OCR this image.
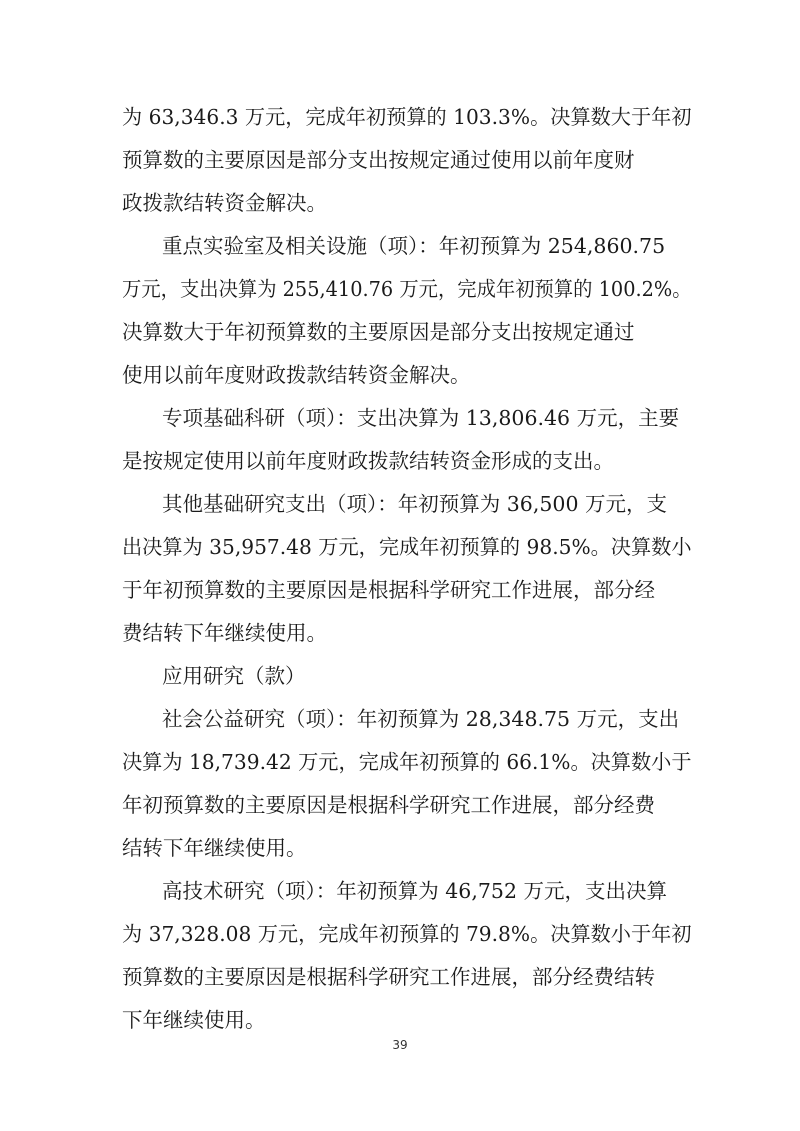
为 63,346.3 万元，完成年初预算的 103.3%。决算数大于年初
预算数的主要原因是部分支出按规定通过使用以前年度财
政拨款结转资金解决。
重点实验室及相关设施（项）：年初预算为 254,860.75
万元，支出决算为 255,410.76 万元，完成年初预算的 100.2%。
决算数大于年初预算数的主要原因是部分支出按规定通过
使用以前年度财政拨款结转资金解决。
专项基础科研（项）：支出决算为 13,806.46 万元，主要
是按规定使用以前年度财政拨款结转资金形成的支出。
其他基础研究支出（项）：年初预算为 36,500 万元，支
出决算为 35,957.48 万元，完成年初预算的 98.5%。决算数小
于年初预算数的主要原因是根据科学研究工作进展，部分经
费结转下年继续使用。
应用研究（款）
社会公益研究（项）：年初预算为 28,348.75 万元，支出
决算为 18,739.42 万元，完成年初预算的 66.1%。决算数小于
年初预算数的主要原因是根据科学研究工作进展，部分经费
结转下年继续使用。
高技术研究（项）：年初预算为 46,752 万元，支出决算
为 37,328.08 万元，完成年初预算的 79.8%。决算数小于年初
预算数的主要原因是根据科学研究工作进展，部分经费结转
下年继续使用。
39
